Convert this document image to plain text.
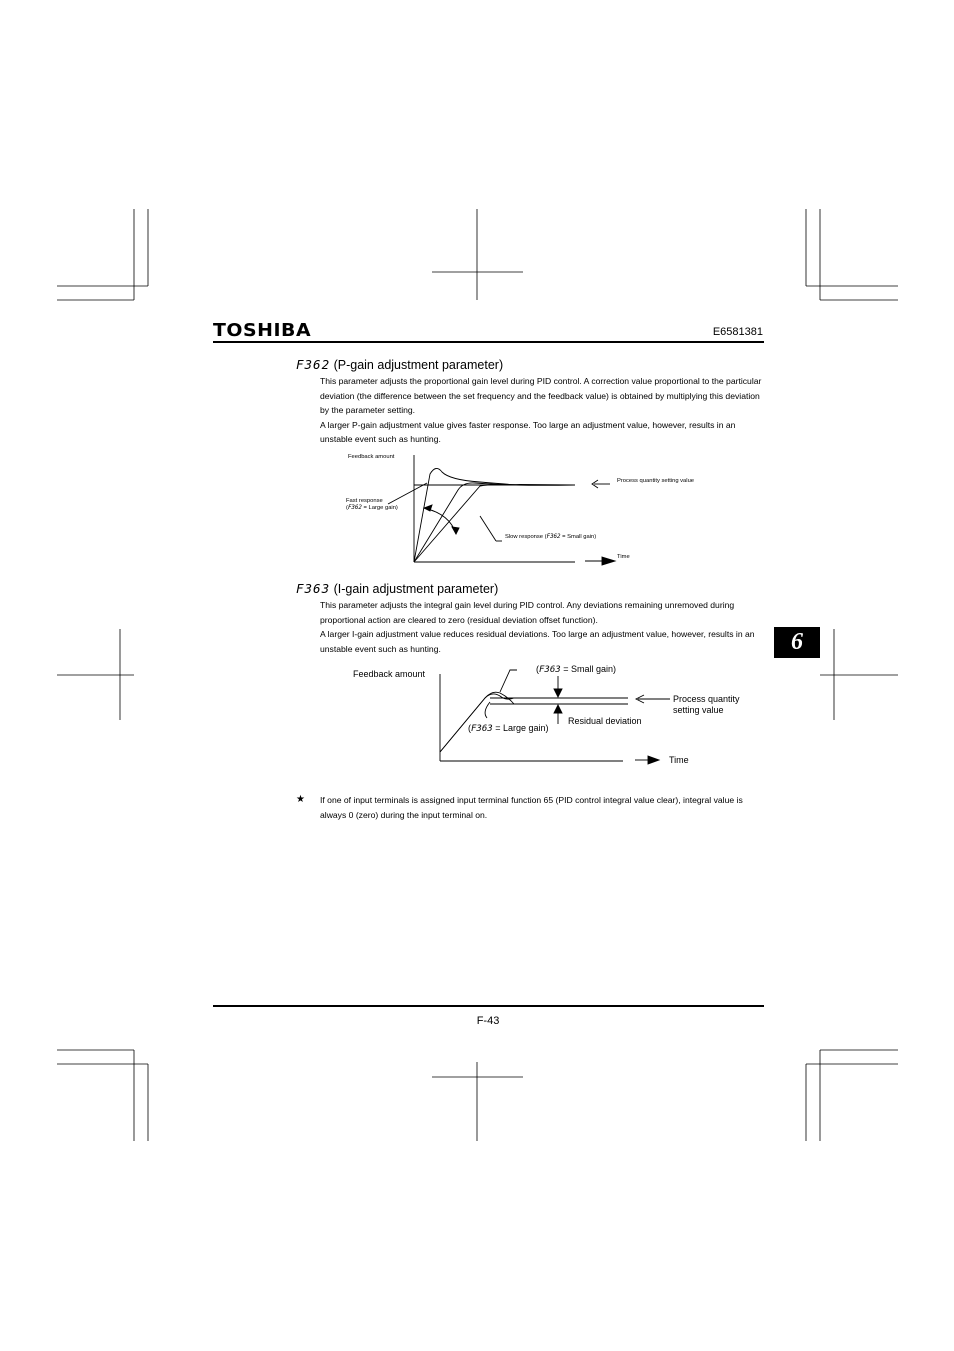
TOSHIBA	E6581381
F362 (P-gain adjustment parameter)

This parameter adjusts the proportional gain level during PID control. A correction value proportional to the particular deviation (the difference between the set frequency and the feedback value) is obtained by multiplying this deviation by the parameter setting.

A larger P-gain adjustment value gives faster response. Too large an adjustment value, however, results in an unstable event such as hunting.

Feedback amount
Process quantity setting value
Fast response
(F362 = Large gain)
Slow response (F362 = Small gain)
Time
F363 (I-gain adjustment parameter)

This parameter adjusts the integral gain level during PID control. Any deviations remaining unremoved during proportional action are cleared to zero (residual deviation offset function).

A larger I-gain adjustment value reduces residual deviations. Too large an adjustment value, however, results in an unstable event such as hunting.

Feedback amount	(F363 = Small gain)
Process quantity
setting value
Residual deviation
(F363 = Large gain)
Time
★ If one of input terminals is assigned input terminal function 65 (PID control integral value clear), integral value is always 0 (zero) during the input terminal on.
6
F-43
